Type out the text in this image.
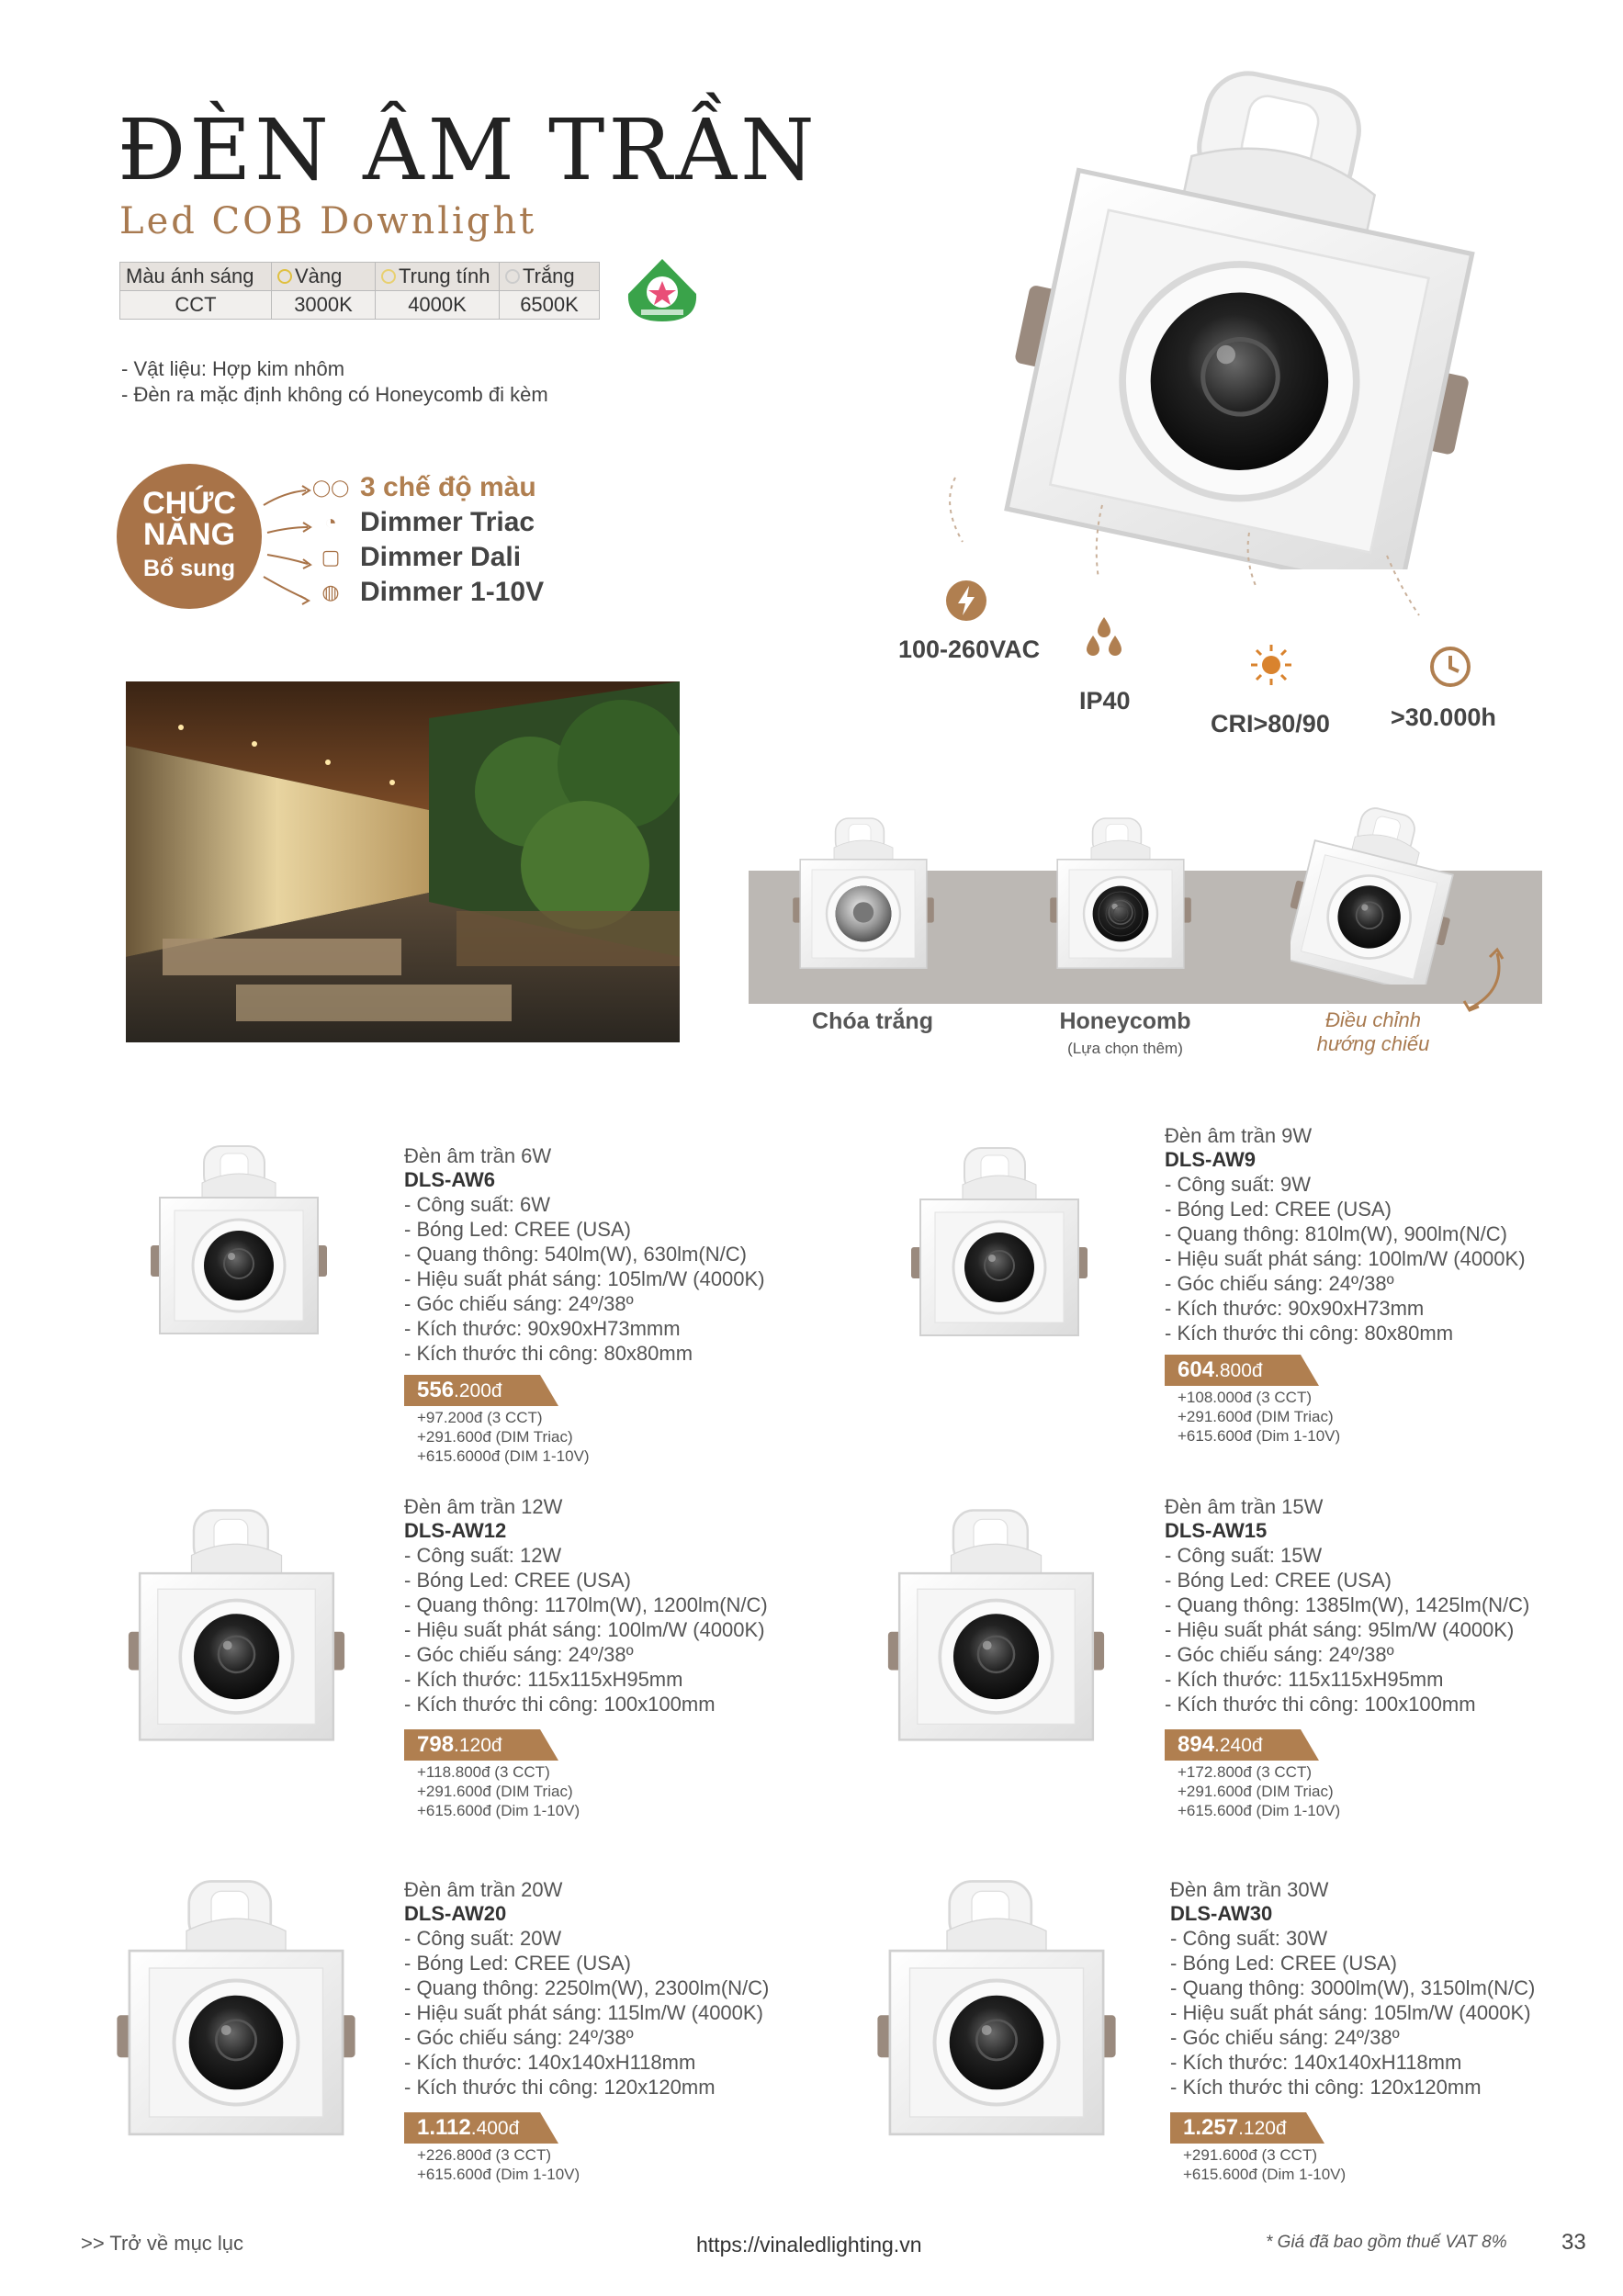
ĐÈN ÂM TRẦN
Led COB Downlight
Màu ánh sáng	Vàng	Trung tính	Trắng
CCT	3000K	4000K	6500K
- Vật liệu: Hợp kim nhôm
- Đèn ra mặc định không có Honeycomb đi kèm
CHỨC
NĂNG
Bổ sung
◯◯ 3 chế độ màu
◔ Dimmer Triac
▢ Dimmer Dali
◍ Dimmer 1-10V
100-260VAC
IP40
CRI>80/90 >30.000h
Chóa trắng	Honeycomb
(Lựa chọn thêm)
Điều chỉnh
hướng chiếu
Đèn âm trần 6W
DLS-AW6
- Công suất: 6W
- Bóng Led: CREE (USA)
- Quang thông: 540lm(W), 630lm(N/C)
- Hiệu suất phát sáng: 105lm/W (4000K)
- Góc chiếu sáng: 24º/38º
- Kích thước: 90x90xH73mmm
- Kích thước thi công: 80x80mm
556.200đ
+97.200đ (3 CCT)
+291.600đ (DIM Triac)
+615.6000đ (DIM 1-10V)
Đèn âm trần 9W
DLS-AW9
- Công suất: 9W
- Bóng Led: CREE (USA)
- Quang thông: 810lm(W), 900lm(N/C)
- Hiệu suất phát sáng: 100lm/W (4000K)
- Góc chiếu sáng: 24º/38º
- Kích thước: 90x90xH73mm
- Kích thước thi công: 80x80mm
604.800đ
+108.000đ (3 CCT)
+291.600đ (DIM Triac)
+615.600đ (Dim 1-10V)
Đèn âm trần 12W
DLS-AW12
- Công suất: 12W
- Bóng Led: CREE (USA)
- Quang thông: 1170lm(W), 1200lm(N/C)
- Hiệu suất phát sáng: 100lm/W (4000K)
- Góc chiếu sáng: 24º/38º
- Kích thước: 115x115xH95mm
- Kích thước thi công: 100x100mm
798.120đ
+118.800đ (3 CCT)
+291.600đ (DIM Triac)
+615.600đ (Dim 1-10V)
Đèn âm trần 15W
DLS-AW15
- Công suất: 15W
- Bóng Led: CREE (USA)
- Quang thông: 1385lm(W), 1425lm(N/C)
- Hiệu suất phát sáng: 95lm/W (4000K)
- Góc chiếu sáng: 24º/38º
- Kích thước: 115x115xH95mm
- Kích thước thi công: 100x100mm
894.240đ
+172.800đ (3 CCT)
+291.600đ (DIM Triac)
+615.600đ (Dim 1-10V)
Đèn âm trần 20W
DLS-AW20
- Công suất: 20W
- Bóng Led: CREE (USA)
- Quang thông: 2250lm(W), 2300lm(N/C)
- Hiệu suất phát sáng: 115lm/W (4000K)
- Góc chiếu sáng: 24º/38º
- Kích thước: 140x140xH118mm
- Kích thước thi công: 120x120mm
1.112.400đ
+226.800đ (3 CCT)
+615.600đ (Dim 1-10V)
Đèn âm trần 30W
DLS-AW30
- Công suất: 30W
- Bóng Led: CREE (USA)
- Quang thông: 3000lm(W), 3150lm(N/C)
- Hiệu suất phát sáng: 105lm/W (4000K)
- Góc chiếu sáng: 24º/38º
- Kích thước: 140x140xH118mm
- Kích thước thi công: 120x120mm
1.257.120đ
+291.600đ (3 CCT)
+615.600đ (Dim 1-10V)
>> Trở về mục lục	https://vinaledlighting.vn	* Giá đã bao gồm thuế VAT 8% 33
